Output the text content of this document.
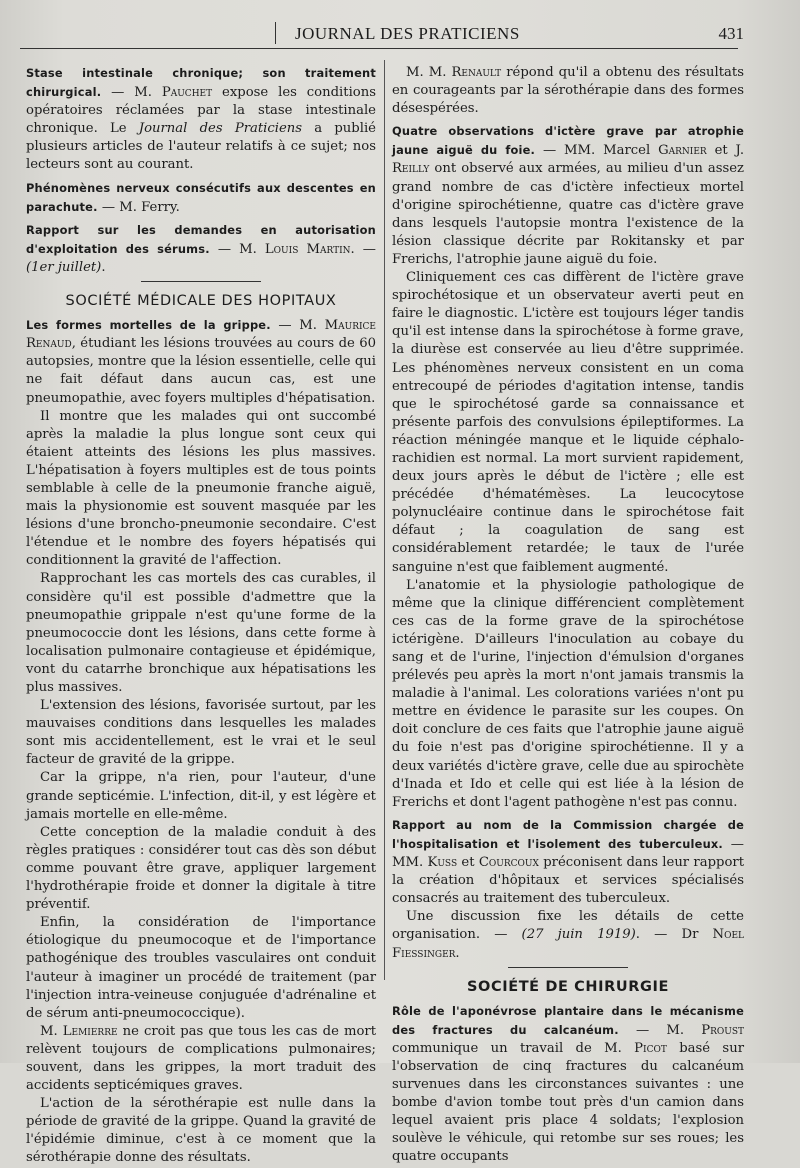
JOURNAL DES PRATICIENS	431

Stase intestinale chronique; son traitement chirurgical. — M. Pauchet expose les conditions opératoires réclamées par la stase intestinale chronique. Le Journal des Praticiens a publié plusieurs articles de l'auteur relatifs à ce sujet; nos lecteurs sont au courant.

Phénomènes nerveux consécutifs aux descentes en parachute. — M. Ferry.

Rapport sur les demandes en autorisation d'exploitation des sérums. — M. Louis Martin. — (1er juillet).

SOCIÉTÉ MÉDICALE DES HOPITAUX

Les formes mortelles de la grippe. — M. Maurice Renaud, étudiant les lésions trouvées au cours de 60 autopsies, montre que la lésion essentielle, celle qui ne fait défaut dans aucun cas, est une pneumopathie, avec foyers multiples d'hépatisation.

Il montre que les malades qui ont succombé après la maladie la plus longue sont ceux qui étaient atteints des lésions les plus massives. L'hépatisation à foyers multiples est de tous points semblable à celle de la pneumonie franche aiguë, mais la physionomie est souvent masquée par les lésions d'une broncho-pneumonie secondaire. C'est l'étendue et le nombre des foyers hépatisés qui conditionnent la gravité de l'affection.

Rapprochant les cas mortels des cas curables, il considère qu'il est possible d'admettre que la pneumopathie grippale n'est qu'une forme de la pneumococcie dont les lésions, dans cette forme à localisation pulmonaire contagieuse et épidémique, vont du catarrhe bronchique aux hépatisations les plus massives.

L'extension des lésions, favorisée surtout, par les mauvaises conditions dans lesquelles les malades sont mis accidentellement, est le vrai et le seul facteur de gravité de la grippe.

Car la grippe, n'a rien, pour l'auteur, d'une grande septicémie. L'infection, dit-il, y est légère et jamais mortelle en elle-même.

Cette conception de la maladie conduit à des règles pratiques : considérer tout cas dès son début comme pouvant être grave, appliquer largement l'hydrothérapie froide et donner la digitale à titre préventif.

Enfin, la considération de l'importance étiologique du pneumocoque et de l'importance pathogénique des troubles vasculaires ont conduit l'auteur à imaginer un procédé de traitement (par l'injection intra-veineuse conjuguée d'adrénaline et de sérum anti-pneumococcique).

M. Lemierre ne croit pas que tous les cas de mort relèvent toujours de complications pulmonaires; souvent, dans les grippes, la mort traduit des accidents septicémiques graves.

L'action de la sérothérapie est nulle dans la période de gravité de la grippe. Quand la gravité de l'épidémie diminue, c'est à ce moment que la sérothérapie donne des résultats.

M. M. Renault répond qu'il a obtenu des résultats en courageants par la sérothérapie dans des formes désespérées.

Quatre observations d'ictère grave par atrophie jaune aiguë du foie. — MM. Marcel Garnier et J. Reilly ont observé aux armées, au milieu d'un assez grand nombre de cas d'ictère infectieux mortel d'origine spirochétienne, quatre cas d'ictère grave dans lesquels l'autopsie montra l'existence de la lésion classique décrite par Rokitansky et par Frerichs, l'atrophie jaune aiguë du foie.

Cliniquement ces cas diffèrent de l'ictère grave spirochétosique et un observateur averti peut en faire le diagnostic. L'ictère est toujours léger tandis qu'il est intense dans la spirochétose à forme grave, la diurèse est conservée au lieu d'être supprimée. Les phénomènes nerveux consistent en un coma entrecoupé de périodes d'agitation intense, tandis que le spirochétosé garde sa connaissance et présente parfois des convulsions épileptiformes. La réaction méningée manque et le liquide céphalo-rachidien est normal. La mort survient rapidement, deux jours après le début de l'ictère ; elle est précédée d'hématémèses. La leucocytose polynucléaire continue dans le spirochétose fait défaut ; la coagulation de sang est considérablement retardée; le taux de l'urée sanguine n'est que faiblement augmenté.

L'anatomie et la physiologie pathologique de même que la clinique différencient complètement ces cas de la forme grave de la spirochétose ictérigène. D'ailleurs l'inoculation au cobaye du sang et de l'urine, l'injection d'émulsion d'organes prélevés peu après la mort n'ont jamais transmis la maladie à l'animal. Les colorations variées n'ont pu mettre en évidence le parasite sur les coupes. On doit conclure de ces faits que l'atrophie jaune aiguë du foie n'est pas d'origine spirochétienne. Il y a deux variétés d'ictère grave, celle due au spirochète d'Inada et Ido et celle qui est liée à la lésion de Frerichs et dont l'agent pathogène n'est pas connu.

Rapport au nom de la Commission chargée de l'hospitalisation et l'isolement des tuberculeux. — MM. Kuss et Courcoux préconisent dans leur rapport la création d'hôpitaux et services spécialisés consacrés au traitement des tuberculeux.

Une discussion fixe les détails de cette organisation. — (27 juin 1919). — Dr Noel Fiessinger.

SOCIÉTÉ DE CHIRURGIE

Rôle de l'aponévrose plantaire dans le mécanisme des fractures du calcanéum. — M. Proust communique un travail de M. Picot basé sur l'observation de cinq fractures du calcanéum survenues dans les circonstances suivantes : une bombe d'avion tombe tout près d'un camion dans lequel avaient pris place 4 soldats; l'explosion soulève le véhicule, qui retombe sur ses roues; les quatre occupants
